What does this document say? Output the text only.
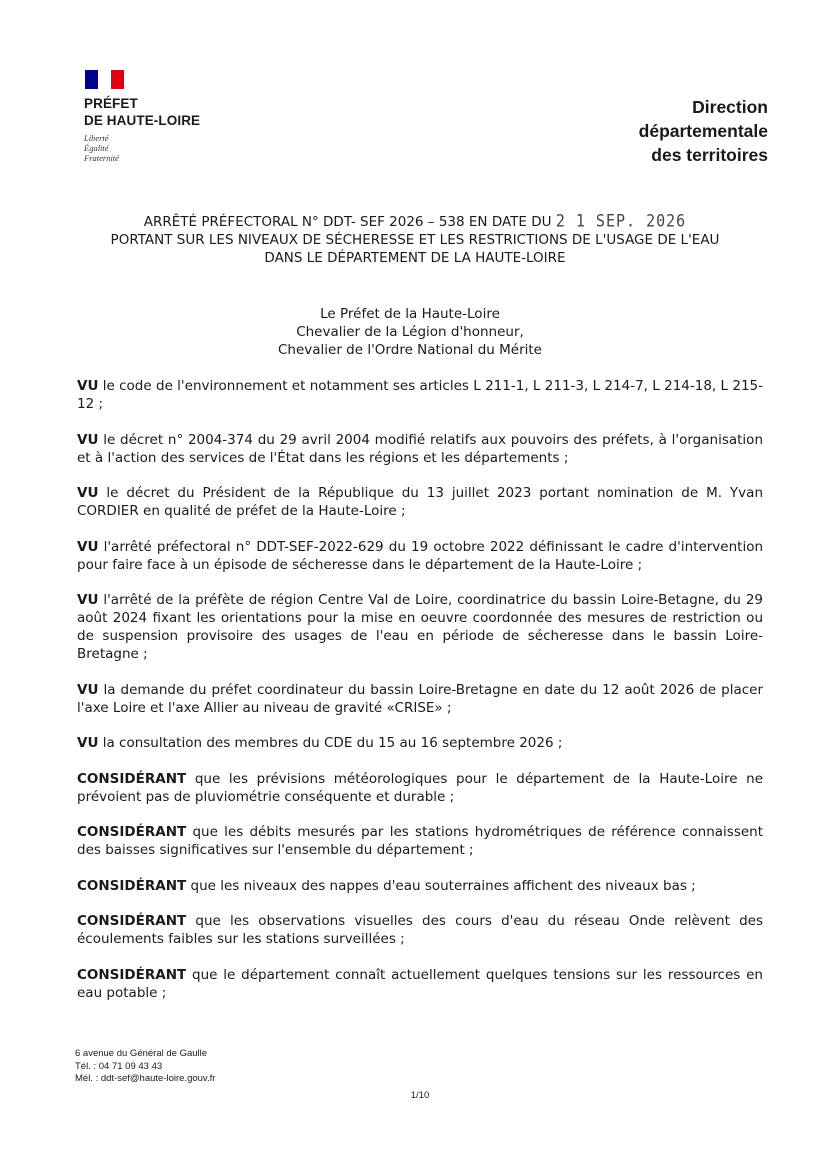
PRÉFET
DE HAUTE-LOIRE
Liberté
Égalité
Fraternité
Direction
départementale
des territoires
ARRÊTÉ PRÉFECTORAL N° DDT- SEF 2026 – 538 EN DATE DU 2 1 SEP. 2026
PORTANT SUR LES NIVEAUX DE SÉCHERESSE ET LES RESTRICTIONS DE L'USAGE DE L'EAU
DANS LE DÉPARTEMENT DE LA HAUTE-LOIRE
Le Préfet de la Haute-Loire
Chevalier de la Légion d'honneur,
Chevalier de l'Ordre National du Mérite

VU le code de l'environnement et notamment ses articles L 211-1, L 211-3, L 214-7, L 214-18, L 215-12 ;

VU le décret n° 2004-374 du 29 avril 2004 modifié relatifs aux pouvoirs des préfets, à l'organisation et à l'action des services de l'État dans les régions et les départements ;

VU le décret du Président de la République du 13 juillet 2023 portant nomination de M. Yvan CORDIER en qualité de préfet de la Haute-Loire ;

VU l'arrêté préfectoral n° DDT-SEF-2022-629 du 19 octobre 2022 définissant le cadre d'intervention pour faire face à un épisode de sécheresse dans le département de la Haute-Loire ;

VU l'arrêté de la préfète de région Centre Val de Loire, coordinatrice du bassin Loire-Betagne, du 29 août 2024 fixant les orientations pour la mise en oeuvre coordonnée des mesures de restriction ou de suspension provisoire des usages de l'eau en période de sécheresse dans le bassin Loire-Bretagne ;

VU la demande du préfet coordinateur du bassin Loire-Bretagne en date du 12 août 2026 de placer l'axe Loire et l'axe Allier au niveau de gravité «CRISE» ;

VU la consultation des membres du CDE du 15 au 16 septembre 2026 ;

CONSIDÉRANT que les prévisions météorologiques pour le département de la Haute-Loire ne prévoient pas de pluviométrie conséquente et durable ;

CONSIDÉRANT que les débits mesurés par les stations hydrométriques de référence connaissent des baisses significatives sur l'ensemble du département ;

CONSIDÉRANT que les niveaux des nappes d'eau souterraines affichent des niveaux bas ;

CONSIDÉRANT que les observations visuelles des cours d'eau du réseau Onde relèvent des écoulements faibles sur les stations surveillées ;

CONSIDÉRANT que le département connaît actuellement quelques tensions sur les ressources en eau potable ;

6 avenue du Général de Gaulle
Tél. : 04 71 09 43 43
Mél. : ddt-sef@haute-loire.gouv.fr
1/10
